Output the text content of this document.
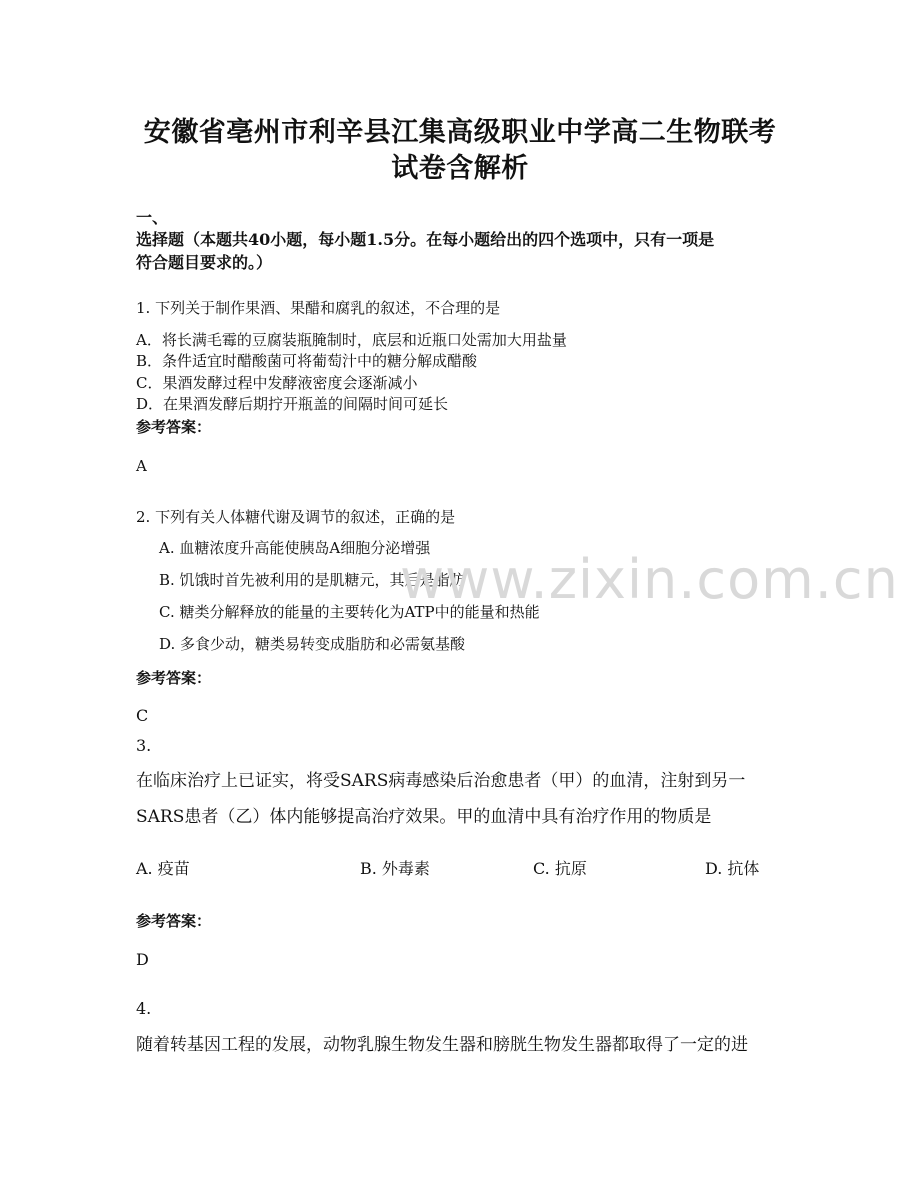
安徽省亳州市利辛县江集高级职业中学高二生物联考
试卷含解析
一、
选择题（本题共40小题，每小题1.5分。在每小题给出的四个选项中，只有一项是
符合题目要求的。）
1. 下列关于制作果酒、果醋和腐乳的叙述，不合理的是
A．将长满毛霉的豆腐装瓶腌制时，底层和近瓶口处需加大用盐量
B．条件适宜时醋酸菌可将葡萄汁中的糖分解成醋酸
C．果酒发酵过程中发酵液密度会逐渐减小
D．在果酒发酵后期拧开瓶盖的间隔时间可延长
参考答案：
A
2. 下列有关人体糖代谢及调节的叙述，正确的是
A. 血糖浓度升高能使胰岛A细胞分泌增强
B. 饥饿时首先被利用的是肌糖元，其后是脂肪
C. 糖类分解释放的能量的主要转化为ATP中的能量和热能
D. 多食少动，糖类易转变成脂肪和必需氨基酸
参考答案：
C
3.
在临床治疗上已证实，将受SARS病毒感染后治愈患者（甲）的血清，注射到另一
SARS患者（乙）体内能够提高治疗效果。甲的血清中具有治疗作用的物质是
A. 疫苗	B. 外毒素	C. 抗原	D. 抗体
参考答案：
D
4.
随着转基因工程的发展，动物乳腺生物发生器和膀胱生物发生器都取得了一定的进
www.zixin.com.cn
